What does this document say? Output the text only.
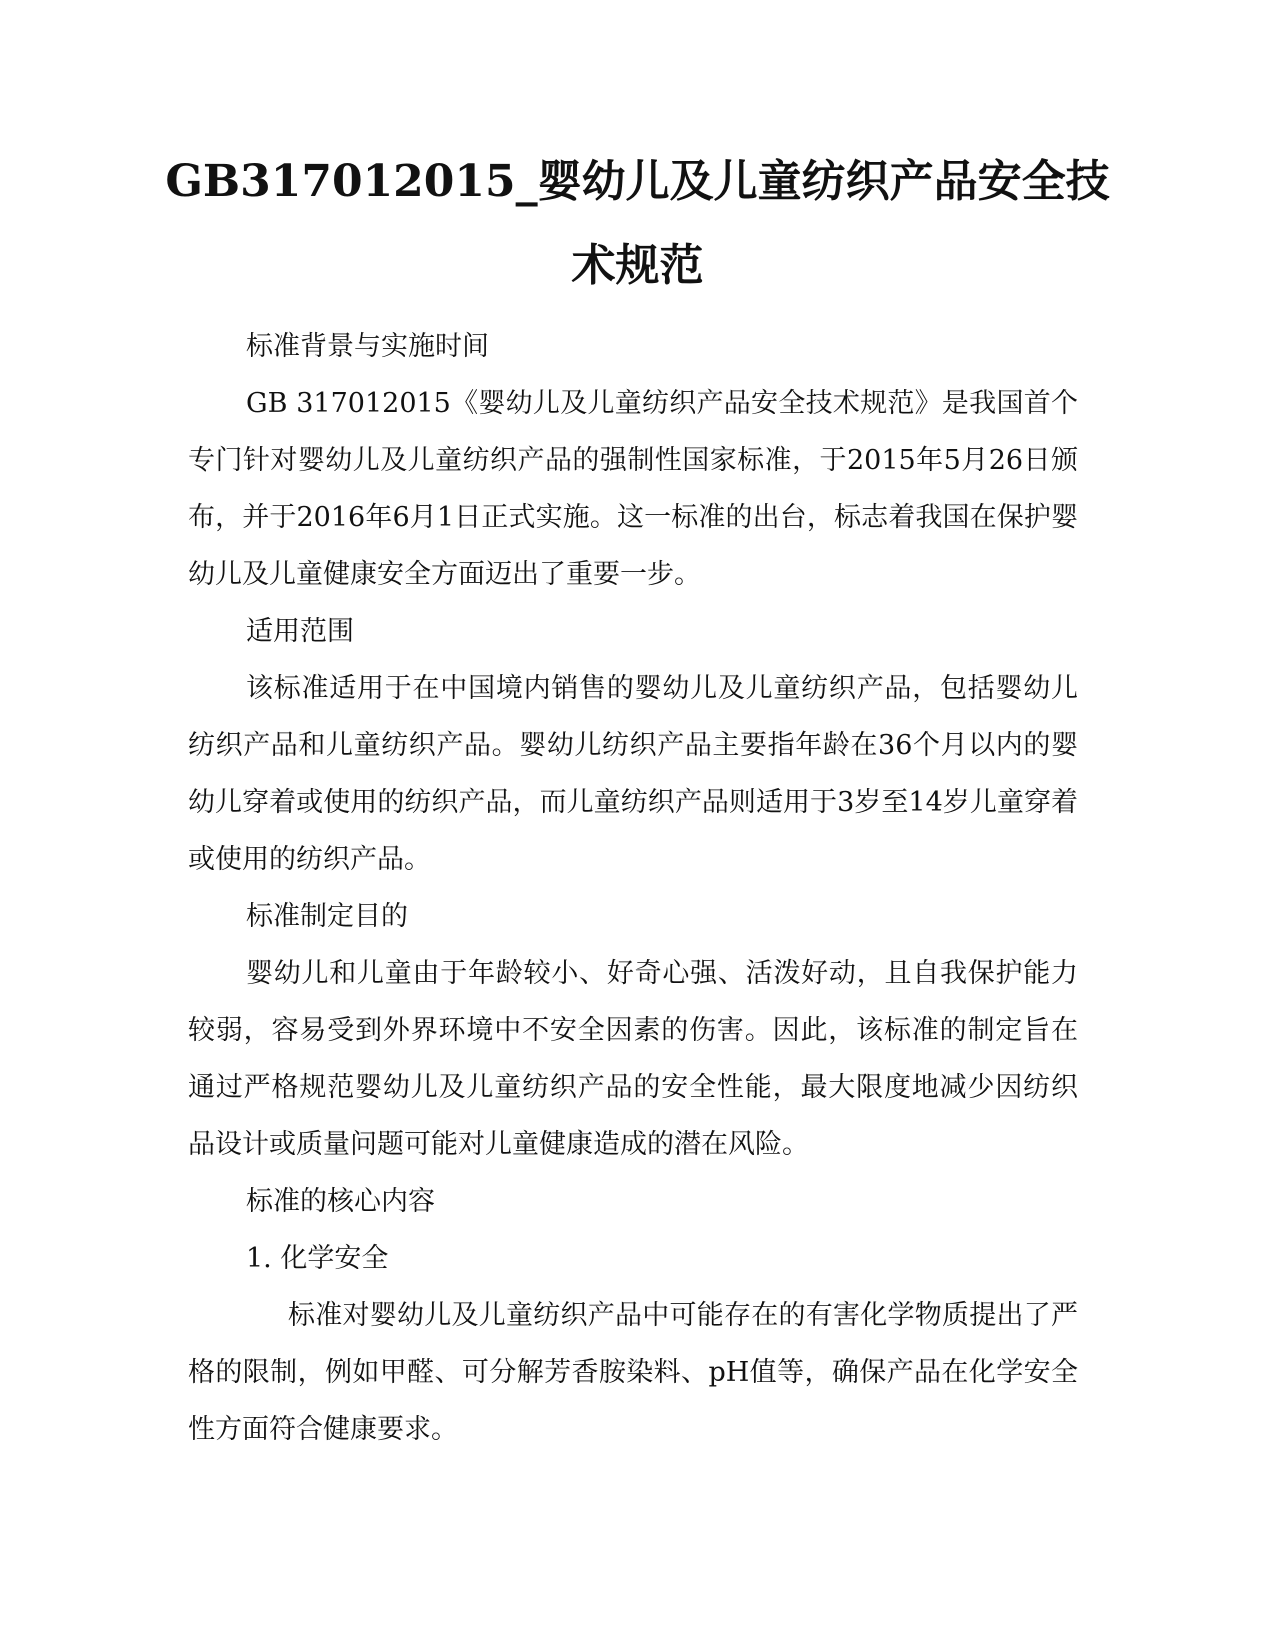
GB317012015_婴幼儿及儿童纺织产品安全技术规范

标准背景与实施时间

GB 317012015《婴幼儿及儿童纺织产品安全技术规范》是我国首个专门针对婴幼儿及儿童纺织产品的强制性国家标准，于2015年5月26日颁布，并于2016年6月1日正式实施。这一标准的出台，标志着我国在保护婴幼儿及儿童健康安全方面迈出了重要一步。

适用范围

该标准适用于在中国境内销售的婴幼儿及儿童纺织产品，包括婴幼儿纺织产品和儿童纺织产品。婴幼儿纺织产品主要指年龄在36个月以内的婴幼儿穿着或使用的纺织产品，而儿童纺织产品则适用于3岁至14岁儿童穿着或使用的纺织产品。

标准制定目的

婴幼儿和儿童由于年龄较小、好奇心强、活泼好动，且自我保护能力较弱，容易受到外界环境中不安全因素的伤害。因此，该标准的制定旨在通过严格规范婴幼儿及儿童纺织产品的安全性能，最大限度地减少因纺织品设计或质量问题可能对儿童健康造成的潜在风险。

标准的核心内容

1. 化学安全

标准对婴幼儿及儿童纺织产品中可能存在的有害化学物质提出了严格的限制，例如甲醛、可分解芳香胺染料、pH值等，确保产品在化学安全性方面符合健康要求。
